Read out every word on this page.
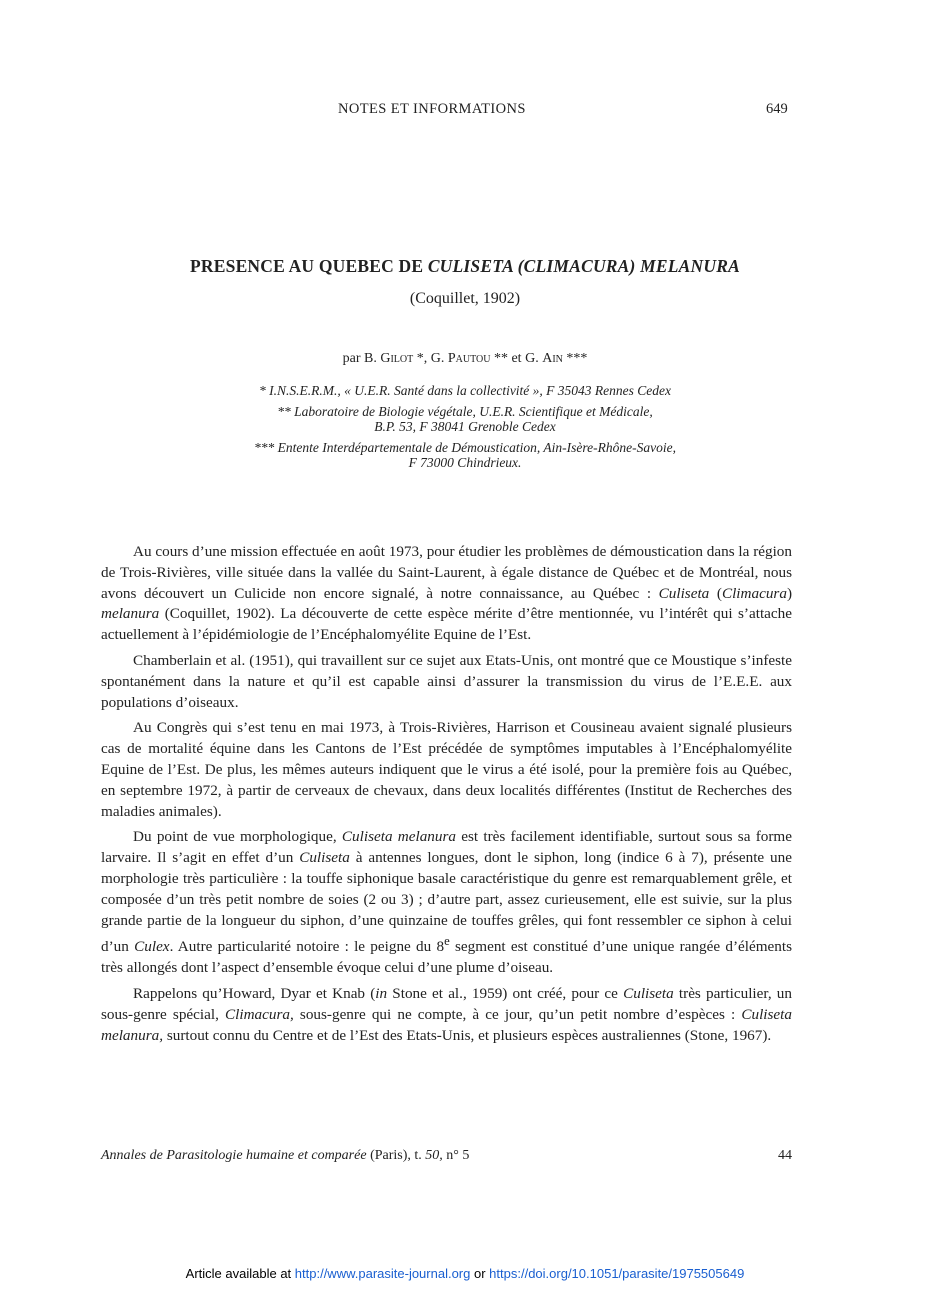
NOTES ET INFORMATIONS	649
PRESENCE AU QUEBEC DE CULISETA (CLIMACURA) MELANURA
(Coquillet, 1902)
par B. Gilot *, G. Pautou ** et G. Ain ***
* I.N.S.E.R.M., « U.E.R. Santé dans la collectivité », F 35043 Rennes Cedex
** Laboratoire de Biologie végétale, U.E.R. Scientifique et Médicale,
B.P. 53, F 38041 Grenoble Cedex
*** Entente Interdépartementale de Démoustication, Ain-Isère-Rhône-Savoie,
F 73000 Chindrieux.

Au cours d’une mission effectuée en août 1973, pour étudier les problèmes de démoustication dans la région de Trois-Rivières, ville située dans la vallée du Saint-Laurent, à égale distance de Québec et de Montréal, nous avons découvert un Culicide non encore signalé, à notre connaissance, au Québec : Culiseta (Climacura) melanura (Coquillet, 1902). La découverte de cette espèce mérite d’être mentionnée, vu l’intérêt qui s’attache actuellement à l’épidémiologie de l’Encéphalomyélite Equine de l’Est.

Chamberlain et al. (1951), qui travaillent sur ce sujet aux Etats-Unis, ont montré que ce Moustique s’infeste spontanément dans la nature et qu’il est capable ainsi d’assurer la transmission du virus de l’E.E.E. aux populations d’oiseaux.

Au Congrès qui s’est tenu en mai 1973, à Trois-Rivières, Harrison et Cousineau avaient signalé plusieurs cas de mortalité équine dans les Cantons de l’Est précédée de symptômes imputables à l’Encéphalomyélite Equine de l’Est. De plus, les mêmes auteurs indiquent que le virus a été isolé, pour la première fois au Québec, en septembre 1972, à partir de cerveaux de chevaux, dans deux localités différentes (Institut de Recherches des maladies animales).

Du point de vue morphologique, Culiseta melanura est très facilement identifiable, surtout sous sa forme larvaire. Il s’agit en effet d’un Culiseta à antennes longues, dont le siphon, long (indice 6 à 7), présente une morphologie très particulière : la touffe siphonique basale caractéristique du genre est remarquablement grêle, et composée d’un très petit nombre de soies (2 ou 3) ; d’autre part, assez curieusement, elle est suivie, sur la plus grande partie de la longueur du siphon, d’une quinzaine de touffes grêles, qui font ressembler ce siphon à celui d’un Culex. Autre particularité notoire : le peigne du 8e segment est constitué d’une unique rangée d’éléments très allongés dont l’aspect d’ensemble évoque celui d’une plume d’oiseau.

Rappelons qu’Howard, Dyar et Knab (in Stone et al., 1959) ont créé, pour ce Culiseta très particulier, un sous-genre spécial, Climacura, sous-genre qui ne compte, à ce jour, qu’un petit nombre d’espèces : Culiseta melanura, surtout connu du Centre et de l’Est des Etats-Unis, et plusieurs espèces australiennes (Stone, 1967).

Annales de Parasitologie humaine et comparée (Paris), t. 50, n° 5	44
Article available at http://www.parasite-journal.org or https://doi.org/10.1051/parasite/1975505649
